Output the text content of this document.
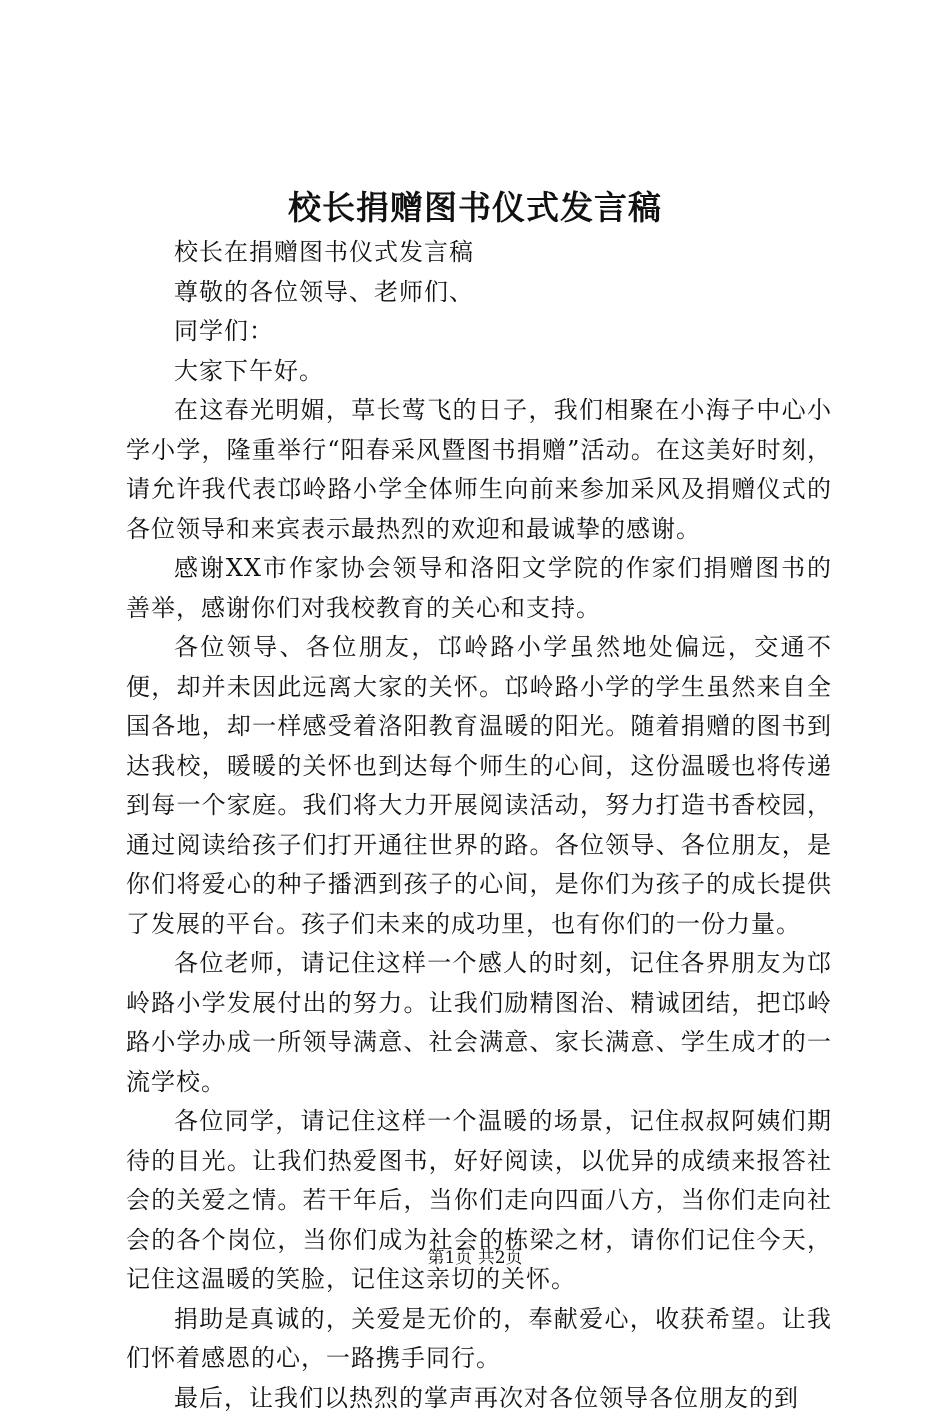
校长捐赠图书仪式发言稿

校长在捐赠图书仪式发言稿

尊敬的各位领导、老师们、

同学们：

大家下午好。

在这春光明媚，草长莺飞的日子，我们相聚在小海子中心小学小学，隆重举行“阳春采风暨图书捐赠”活动。在这美好时刻，请允许我代表邙岭路小学全体师生向前来参加采风及捐赠仪式的各位领导和来宾表示最热烈的欢迎和最诚挚的感谢。

感谢XX市作家协会领导和洛阳文学院的作家们捐赠图书的善举，感谢你们对我校教育的关心和支持。

各位领导、各位朋友，邙岭路小学虽然地处偏远，交通不便，却并未因此远离大家的关怀。邙岭路小学的学生虽然来自全国各地，却一样感受着洛阳教育温暖的阳光。随着捐赠的图书到达我校，暖暖的关怀也到达每个师生的心间，这份温暖也将传递到每一个家庭。我们将大力开展阅读活动，努力打造书香校园，通过阅读给孩子们打开通往世界的路。各位领导、各位朋友，是你们将爱心的种子播洒到孩子的心间，是你们为孩子的成长提供了发展的平台。孩子们未来的成功里，也有你们的一份力量。

各位老师，请记住这样一个感人的时刻，记住各界朋友为邙岭路小学发展付出的努力。让我们励精图治、精诚团结，把邙岭路小学办成一所领导满意、社会满意、家长满意、学生成才的一流学校。

各位同学，请记住这样一个温暖的场景，记住叔叔阿姨们期待的目光。让我们热爱图书，好好阅读，以优异的成绩来报答社会的关爱之情。若干年后，当你们走向四面八方，当你们走向社会的各个岗位，当你们成为社会的栋梁之材，请你们记住今天，记住这温暖的笑脸，记住这亲切的关怀。

捐助是真诚的，关爱是无价的，奉献爱心，收获希望。让我们怀着感恩的心，一路携手同行。

最后，让我们以热烈的掌声再次对各位领导各位朋友的到

第1页 共2页
